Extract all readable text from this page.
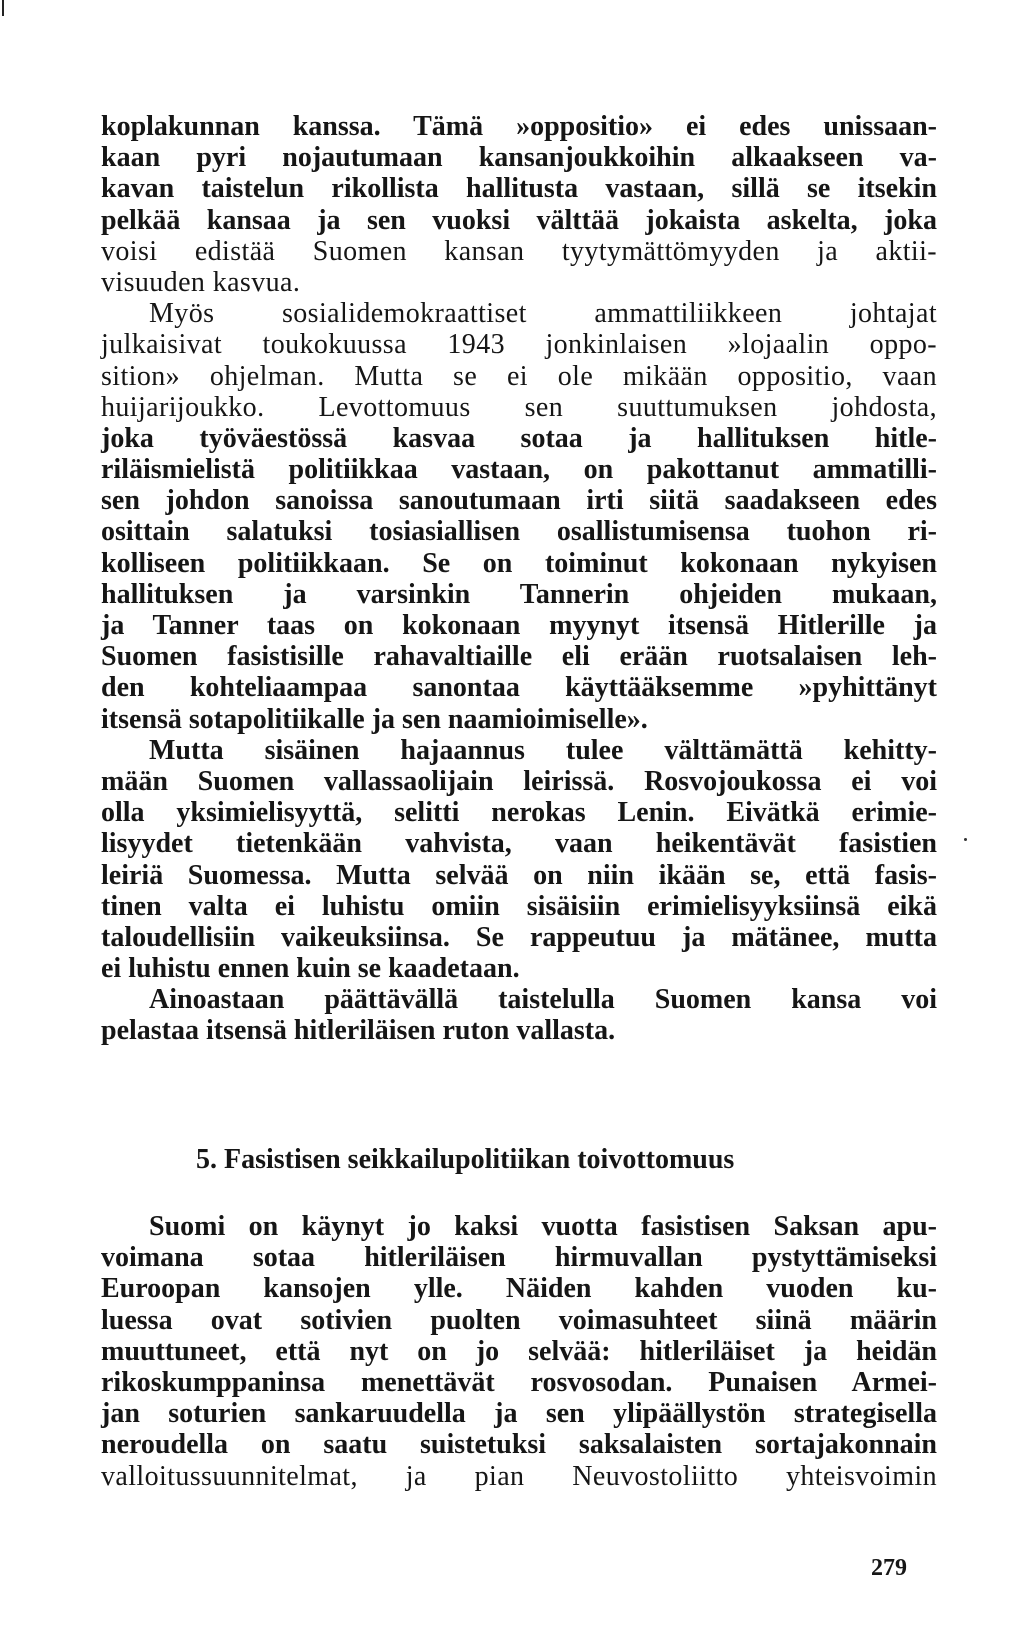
koplakunnan kanssa. Tämä »oppositio» ei edes unissaan-
kaan pyri nojautumaan kansanjoukkoihin alkaakseen va-
kavan taistelun rikollista hallitusta vastaan, sillä se itsekin
pelkää kansaa ja sen vuoksi välttää jokaista askelta, joka
voisi edistää Suomen kansan tyytymättömyyden ja aktii-
visuuden kasvua.
Myös sosialidemokraattiset ammattiliikkeen johtajat
julkaisivat toukokuussa 1943 jonkinlaisen »lojaalin oppo-
sition» ohjelman. Mutta se ei ole mikään oppositio, vaan
huijarijoukko. Levottomuus sen suuttumuksen johdosta,
joka työväestössä kasvaa sotaa ja hallituksen hitle-
riläismielistä politiikkaa vastaan, on pakottanut ammatilli-
sen johdon sanoissa sanoutumaan irti siitä saadakseen edes
osittain salatuksi tosiasiallisen osallistumisensa tuohon ri-
kolliseen politiikkaan. Se on toiminut kokonaan nykyisen
hallituksen ja varsinkin Tannerin ohjeiden mukaan,
ja Tanner taas on kokonaan myynyt itsensä Hitlerille ja
Suomen fasistisille rahavaltiaille eli erään ruotsalaisen leh-
den kohteliaampaa sanontaa käyttääksemme »pyhittänyt
itsensä sotapolitiikalle ja sen naamioimiselle».
Mutta sisäinen hajaannus tulee välttämättä kehitty-
mään Suomen vallassaolijain leirissä. Rosvojoukossa ei voi
olla yksimielisyyttä, selitti nerokas Lenin. Eivätkä erimie-
lisyydet tietenkään vahvista, vaan heikentävät fasistien
leiriä Suomessa. Mutta selvää on niin ikään se, että fasis-
tinen valta ei luhistu omiin sisäisiin erimielisyyksiinsä eikä
taloudellisiin vaikeuksiinsa. Se rappeutuu ja mätänee, mutta
ei luhistu ennen kuin se kaadetaan.
Ainoastaan päättävällä taistelulla Suomen kansa voi
pelastaa itsensä hitleriläisen ruton vallasta.
5. Fasistisen seikkailupolitiikan toivottomuus
Suomi on käynyt jo kaksi vuotta fasistisen Saksan apu-
voimana sotaa hitleriläisen hirmuvallan pystyttämiseksi
Euroopan kansojen ylle. Näiden kahden vuoden ku-
luessa ovat sotivien puolten voimasuhteet siinä määrin
muuttuneet, että nyt on jo selvää: hitleriläiset ja heidän
rikoskumppaninsa menettävät rosvosodan. Punaisen Armei-
jan soturien sankaruudella ja sen ylipäällystön strategisella
neroudella on saatu suistetuksi saksalaisten sortajakonnain
valloitussuunnitelmat, ja pian Neuvostoliitto yhteisvoimin
279
